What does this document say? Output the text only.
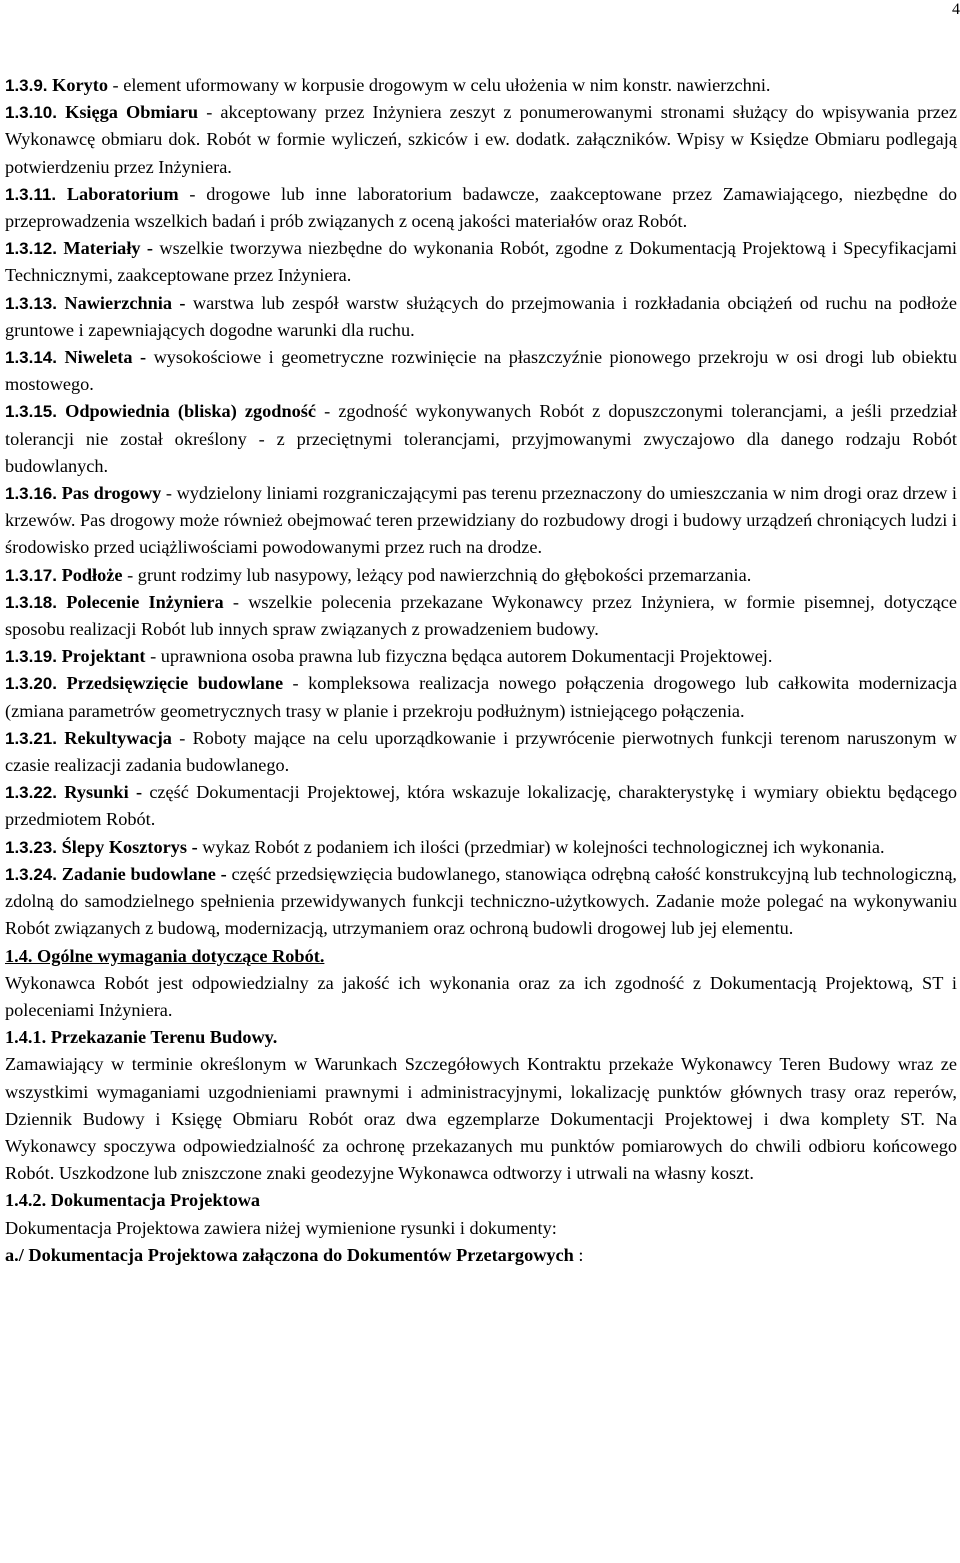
4

1.3.9. Koryto - element uformowany w korpusie drogowym w celu ułożenia w nim konstr. nawierzchni.

1.3.10. Księga Obmiaru - akceptowany przez Inżyniera zeszyt z ponumerowanymi stronami służący do wpisywania przez Wykonawcę obmiaru dok. Robót w formie wyliczeń, szkiców i ew. dodatk. załączników. Wpisy w Księdze Obmiaru podlegają potwierdzeniu przez Inżyniera.

1.3.11. Laboratorium - drogowe lub inne laboratorium badawcze, zaakceptowane przez Zamawiającego, niezbędne do przeprowadzenia wszelkich badań i prób związanych z oceną jakości materiałów oraz Robót.

1.3.12. Materiały - wszelkie tworzywa niezbędne do wykonania Robót, zgodne z Dokumentacją Projektową i Specyfikacjami Technicznymi, zaakceptowane przez Inżyniera.

1.3.13. Nawierzchnia - warstwa lub zespół warstw służących do przejmowania i rozkładania obciążeń od ruchu na podłoże gruntowe i zapewniających dogodne warunki dla ruchu.

1.3.14. Niweleta - wysokościowe i geometryczne rozwinięcie na płaszczyźnie pionowego przekroju w osi drogi lub obiektu mostowego.

1.3.15. Odpowiednia (bliska) zgodność - zgodność wykonywanych Robót z dopuszczonymi tolerancjami, a jeśli przedział tolerancji nie został określony - z przeciętnymi tolerancjami, przyjmowanymi zwyczajowo dla danego rodzaju Robót budowlanych.

1.3.16. Pas drogowy - wydzielony liniami rozgraniczającymi pas terenu przeznaczony do umieszczania w nim drogi oraz drzew i krzewów. Pas drogowy może również obejmować teren przewidziany do rozbudowy drogi i budowy urządzeń chroniących ludzi i środowisko przed uciążliwościami powodowanymi przez ruch na drodze.

1.3.17. Podłoże - grunt rodzimy lub nasypowy, leżący pod nawierzchnią do głębokości przemarzania.

1.3.18. Polecenie Inżyniera - wszelkie polecenia przekazane Wykonawcy przez Inżyniera, w formie pisemnej, dotyczące sposobu realizacji Robót lub innych spraw związanych z prowadzeniem budowy.

1.3.19. Projektant - uprawniona osoba prawna lub fizyczna będąca autorem Dokumentacji Projektowej.

1.3.20. Przedsięwzięcie budowlane - kompleksowa realizacja nowego połączenia drogowego lub całkowita modernizacja (zmiana parametrów geometrycznych trasy w planie i przekroju podłużnym) istniejącego połączenia.

1.3.21. Rekultywacja - Roboty mające na celu uporządkowanie i przywrócenie pierwotnych funkcji terenom naruszonym w czasie realizacji zadania budowlanego.

1.3.22. Rysunki - część Dokumentacji Projektowej, która wskazuje lokalizację, charakterystykę i wymiary obiektu będącego przedmiotem Robót.

1.3.23. Ślepy Kosztorys - wykaz Robót z podaniem ich ilości (przedmiar) w kolejności technologicznej ich wykonania.

1.3.24. Zadanie budowlane - część przedsięwzięcia budowlanego, stanowiąca odrębną całość konstrukcyjną lub technologiczną, zdolną do samodzielnego spełnienia przewidywanych funkcji techniczno-użytkowych. Zadanie może polegać na wykonywaniu Robót związanych z budową, modernizacją, utrzymaniem oraz ochroną budowli drogowej lub jej elementu.

1.4. Ogólne wymagania dotyczące Robót.

Wykonawca Robót jest odpowiedzialny za jakość ich wykonania oraz za ich zgodność z Dokumentacją Projektową, ST i poleceniami Inżyniera.

1.4.1. Przekazanie Terenu Budowy.

Zamawiający w terminie określonym w Warunkach Szczegółowych Kontraktu przekaże Wykonawcy Teren Budowy wraz ze wszystkimi wymaganiami uzgodnieniami prawnymi i administracyjnymi, lokalizację punktów głównych trasy oraz reperów, Dziennik Budowy i Księgę Obmiaru Robót oraz dwa egzemplarze Dokumentacji Projektowej i dwa komplety ST. Na Wykonawcy spoczywa odpowiedzialność za ochronę przekazanych mu punktów pomiarowych do chwili odbioru końcowego Robót. Uszkodzone lub zniszczone znaki geodezyjne Wykonawca odtworzy i utrwali na własny koszt.

1.4.2. Dokumentacja Projektowa

Dokumentacja Projektowa zawiera niżej wymienione rysunki i dokumenty:

a./ Dokumentacja Projektowa załączona do Dokumentów Przetargowych :
